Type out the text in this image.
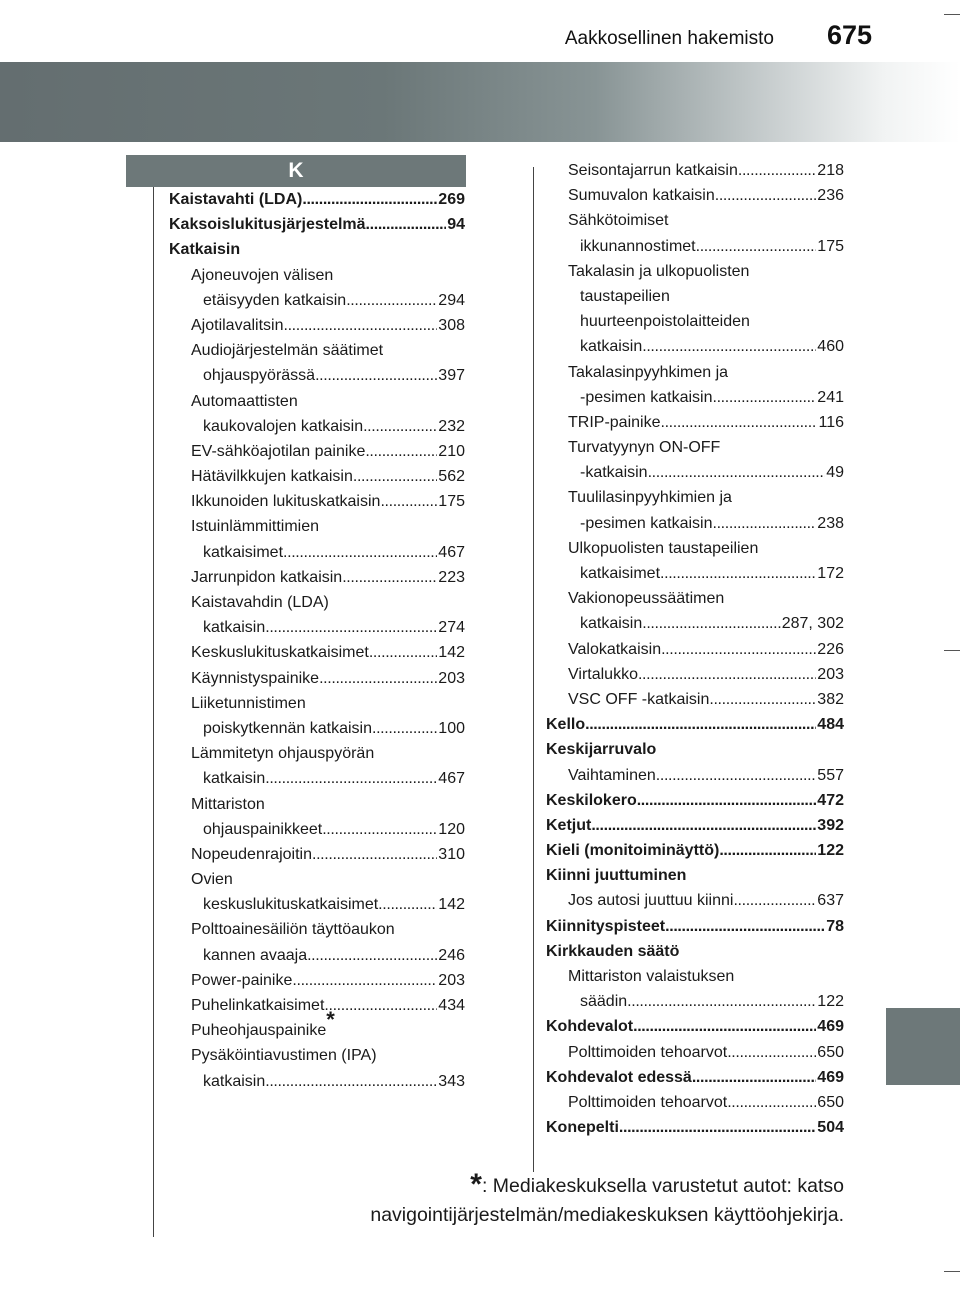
Aakkosellinen hakemisto 675
K
Kaistavahti (LDA) . . .	269
Kaksoislukitusjärjestelmä . . .	94
Katkaisin
Ajoneuvojen välisen
etäisyyden katkaisin . . .	294
Ajotilavalitsin . . .	308
Audiojärjestelmän säätimet
ohjauspyörässä . . .	397
Automaattisten
kaukovalojen katkaisin . . .	232
EV-sähköajotilan painike . . .	210
Hätävilkkujen katkaisin . . .	562
Ikkunoiden lukituskatkaisin . . .	175
Istuinlämmittimien
katkaisimet . . .	467
Jarrunpidon katkaisin . . .	223
Kaistavahdin (LDA)
katkaisin . . .	274
Keskuslukituskatkaisimet . . .	142
Käynnistyspainike . . .	203
Liiketunnistimen
poiskytkennän katkaisin . . .	100
Lämmitetyn ohjauspyörän
katkaisin . . .	467
Mittariston
ohjauspainikkeet . . .	120
Nopeudenrajoitin . . .	310
Ovien
keskuslukituskatkaisimet . . .	142
Polttoainesäiliön täyttöaukon
kannen avaaja . . .	246
Power-painike . . .	203
Puhelinkatkaisimet . . .	434
Puheohjauspainike*
Pysäköintiavustimen (IPA)
katkaisin . . .	343
Seisontajarrun katkaisin . . .	218
Sumuvalon katkaisin . . .	236
Sähkötoimiset
ikkunannostimet . . .	175
Takalasin ja ulkopuolisten
taustapeilien
huurteenpoistolaitteiden
katkaisin . . .	460
Takalasinpyyhkimen ja
-pesimen katkaisin . . .	241
TRIP-painike . . .	116
Turvatyynyn ON-OFF
-katkaisin . . .	49
Tuulilasinpyyhkimien ja
-pesimen katkaisin . . .	238
Ulkopuolisten taustapeilien
katkaisimet . . .	172
Vakionopeussäätimen
katkaisin . . .	287, 302
Valokatkaisin . . .	226
Virtalukko . . .	203
VSC OFF -katkaisin . . .	382
Kello . . .	484
Keskijarruvalo
Vaihtaminen . . .	557
Keskilokero . . .	472
Ketjut . . .	392
Kieli (monitoiminäyttö) . . .	122
Kiinni juuttuminen
Jos autosi juuttuu kiinni . . .	637
Kiinnityspisteet . . .	78
Kirkkauden säätö
Mittariston valaistuksen
säädin . . .	122
Kohdevalot . . .	469
Polttimoiden tehoarvot . . .	650
Kohdevalot edessä . . .	469
Polttimoiden tehoarvot . . .	650
Konepelti . . .	504
*: Mediakeskuksella varustetut autot: katso
navigointijärjestelmän/mediakeskuksen käyttöohjekirja.
